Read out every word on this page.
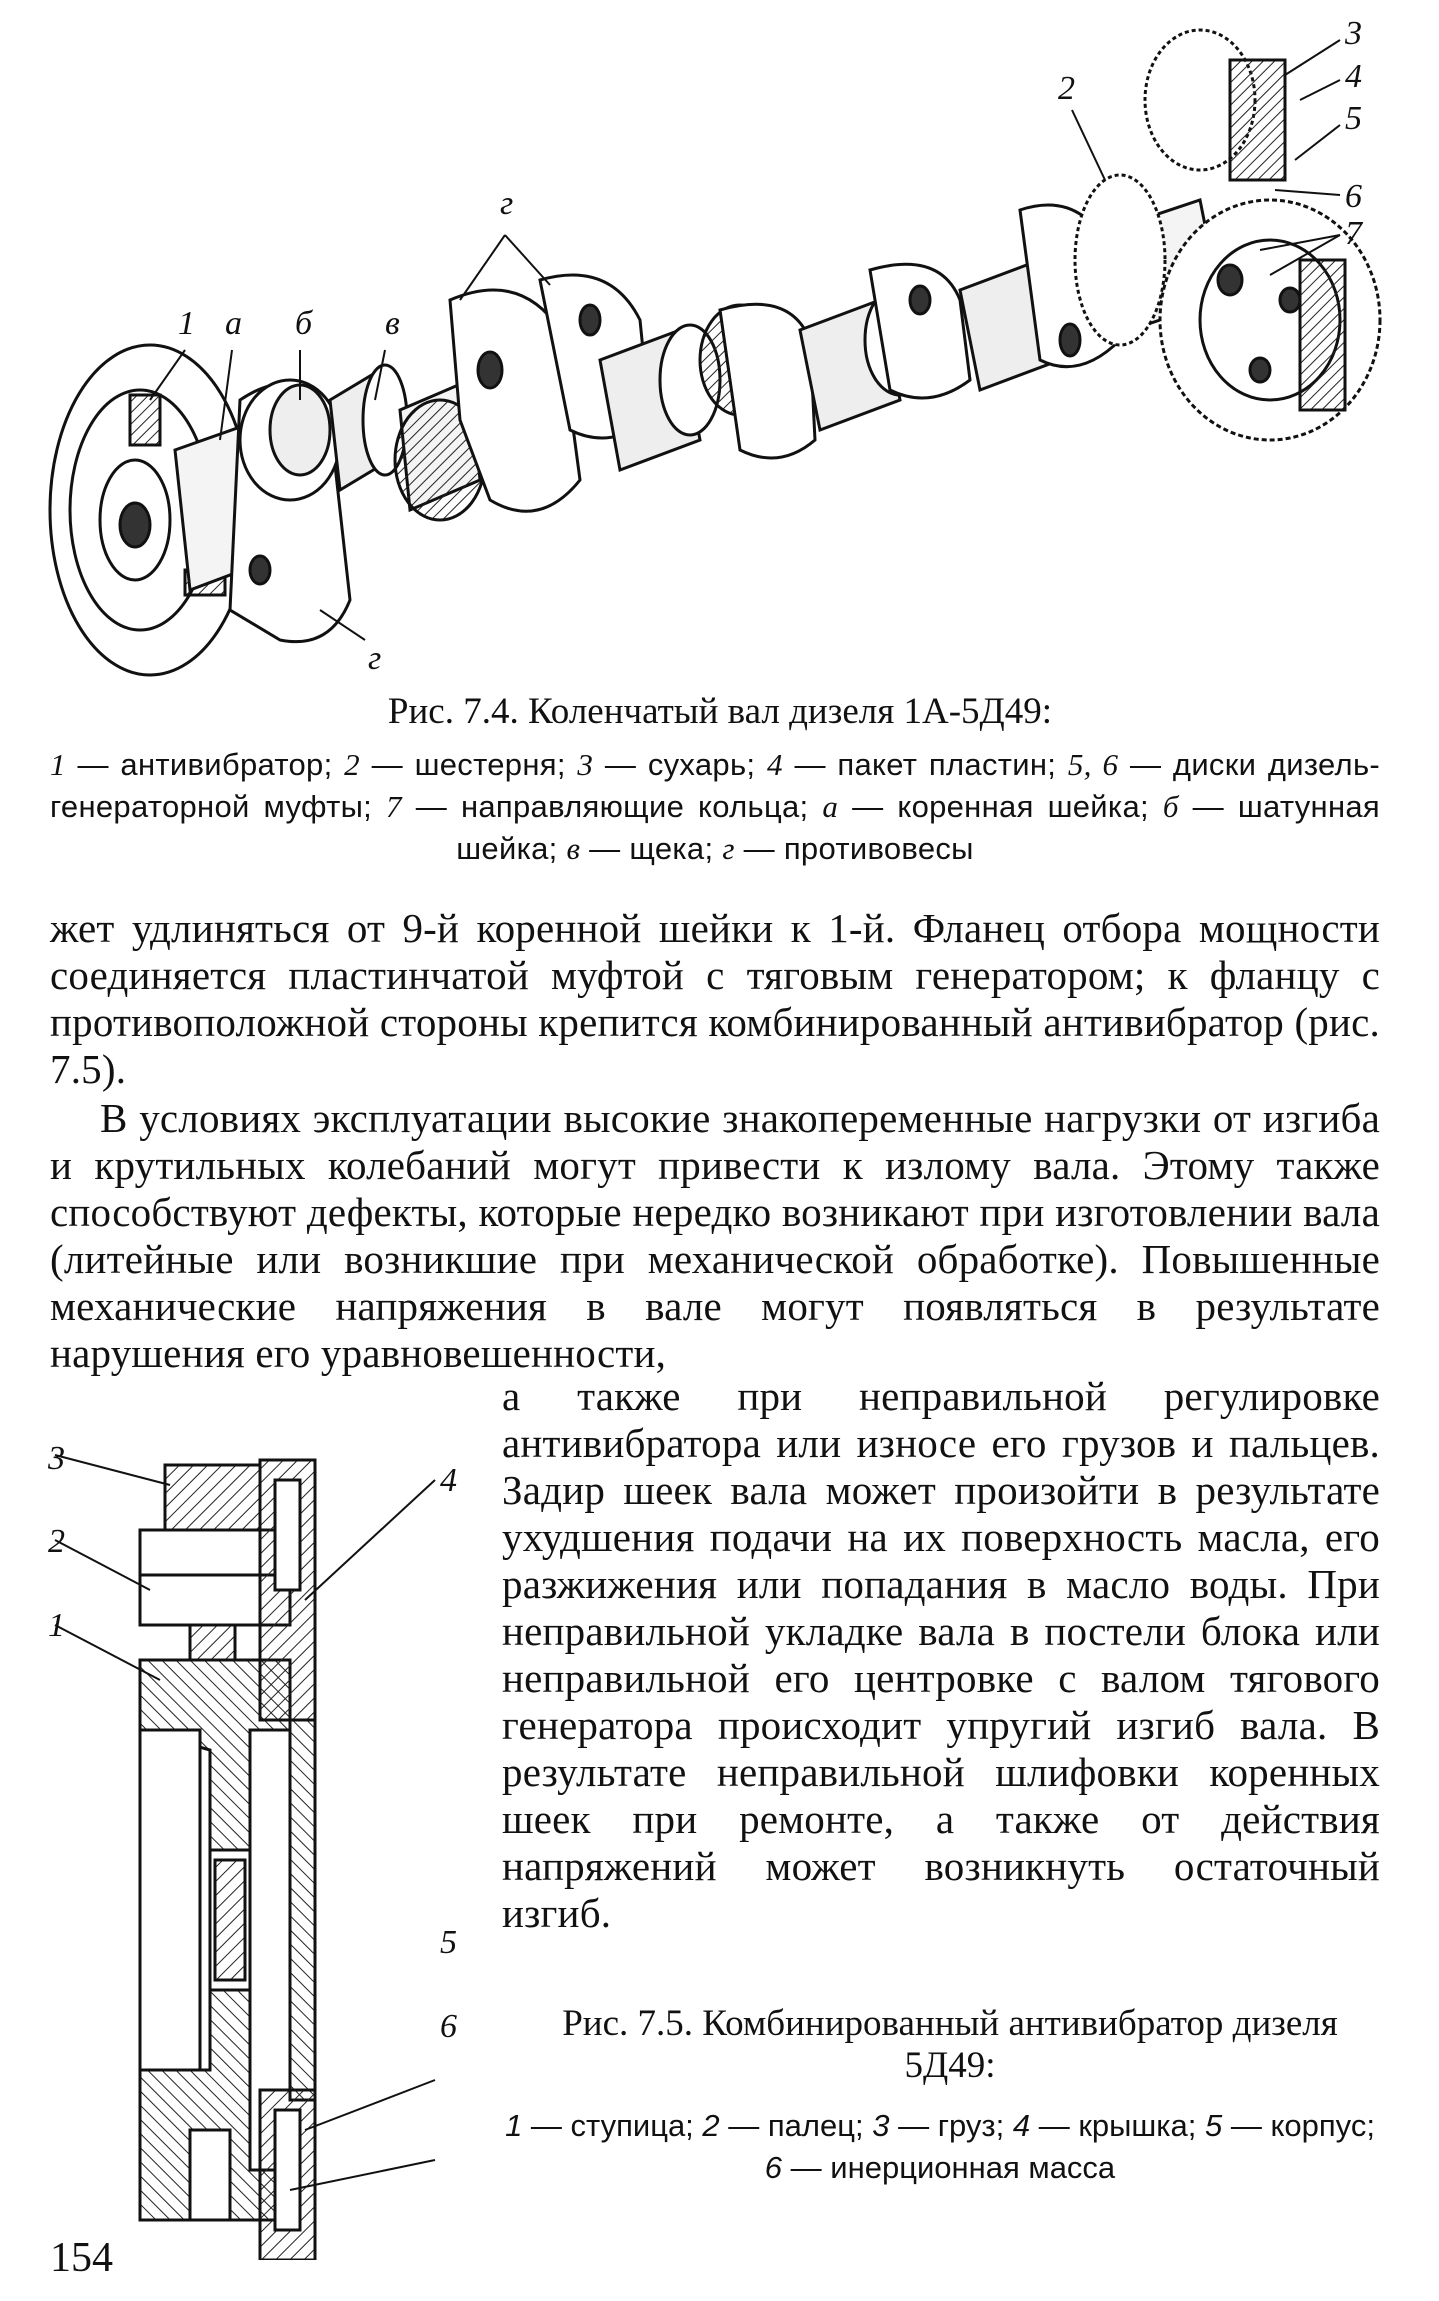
1 a б в
г
г
2
3
4
5
6
7
Рис. 7.4. Коленчатый вал дизеля 1А-5Д49:
1 — антивибратор; 2 — шестерня; 3 — сухарь; 4 — пакет пластин; 5, 6 — диски дизель-генераторной муфты; 7 — направляющие кольца; а — коренная шейка; б — шатунная шейка; в — щека; г — противовесы
жет удлиняться от 9-й коренной шейки к 1-й. Фланец отбора мощности соединяется пластинчатой муфтой с тяговым генератором; к фланцу с противоположной стороны крепится комбинированный антивибратор (рис. 7.5).
В условиях эксплуатации высокие знакопеременные нагрузки от изгиба и крутильных колебаний могут привести к излому вала. Этому также способствуют дефекты, которые нередко возникают при изготовлении вала (литейные или возникшие при механической обработке). Повышенные механические напряжения в вале могут появляться в результате нарушения его уравновешенности,
а также при неправильной регулировке антивибратора или износе его грузов и пальцев. Задир шеек вала может произойти в результате ухудшения подачи на их поверхность масла, его разжижения или попадания в масло воды. При неправильной укладке вала в постели блока или неправильной его центровке с валом тягового генератора происходит упругий изгиб вала. В результате неправильной шлифовки коренных шеек при ремонте, а также от действия напряжений может возникнуть остаточный изгиб.
3
2
1
4
5
6	Рис. 7.5. Комбинированный антивибратор дизеля 5Д49:
1 — ступица; 2 — палец; 3 — груз; 4 — крышка; 5 — корпус; 6 — инерционная масса
154
